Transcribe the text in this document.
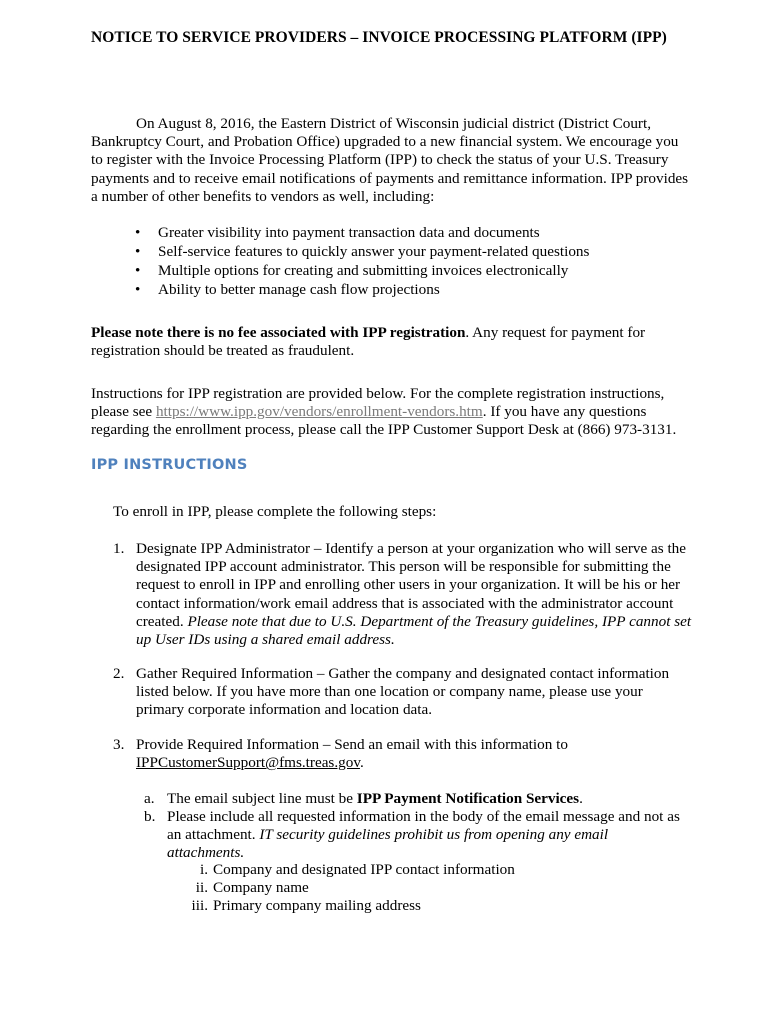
NOTICE TO SERVICE PROVIDERS – INVOICE PROCESSING PLATFORM (IPP)

On August 8, 2016, the Eastern District of Wisconsin judicial district (District Court, Bankruptcy Court, and Probation Office) upgraded to a new financial system. We encourage you to register with the Invoice Processing Platform (IPP) to check the status of your U.S. Treasury payments and to receive email notifications of payments and remittance information. IPP provides a number of other benefits to vendors as well, including:

• Greater visibility into payment transaction data and documents
• Self-service features to quickly answer your payment-related questions
• Multiple options for creating and submitting invoices electronically
• Ability to better manage cash flow projections

Please note there is no fee associated with IPP registration. Any request for payment for registration should be treated as fraudulent.

Instructions for IPP registration are provided below. For the complete registration instructions, please see https://www.ipp.gov/vendors/enrollment-vendors.htm. If you have any questions regarding the enrollment process, please call the IPP Customer Support Desk at (866) 973-3131.

IPP INSTRUCTIONS
To enroll in IPP, please complete the following steps:
1. Designate IPP Administrator – Identify a person at your organization who will serve as the designated IPP account administrator. This person will be responsible for submitting the request to enroll in IPP and enrolling other users in your organization. It will be his or her contact information/work email address that is associated with the administrator account created. Please note that due to U.S. Department of the Treasury guidelines, IPP cannot set up User IDs using a shared email address.
2. Gather Required Information – Gather the company and designated contact information listed below. If you have more than one location or company name, please use your primary corporate information and location data.
3. Provide Required Information – Send an email with this information to IPPCustomerSupport@fms.treas.gov.
a. The email subject line must be IPP Payment Notification Services.
b. Please include all requested information in the body of the email message and not as an attachment. IT security guidelines prohibit us from opening any email attachments.
i. Company and designated IPP contact information
ii. Company name
iii. Primary company mailing address
